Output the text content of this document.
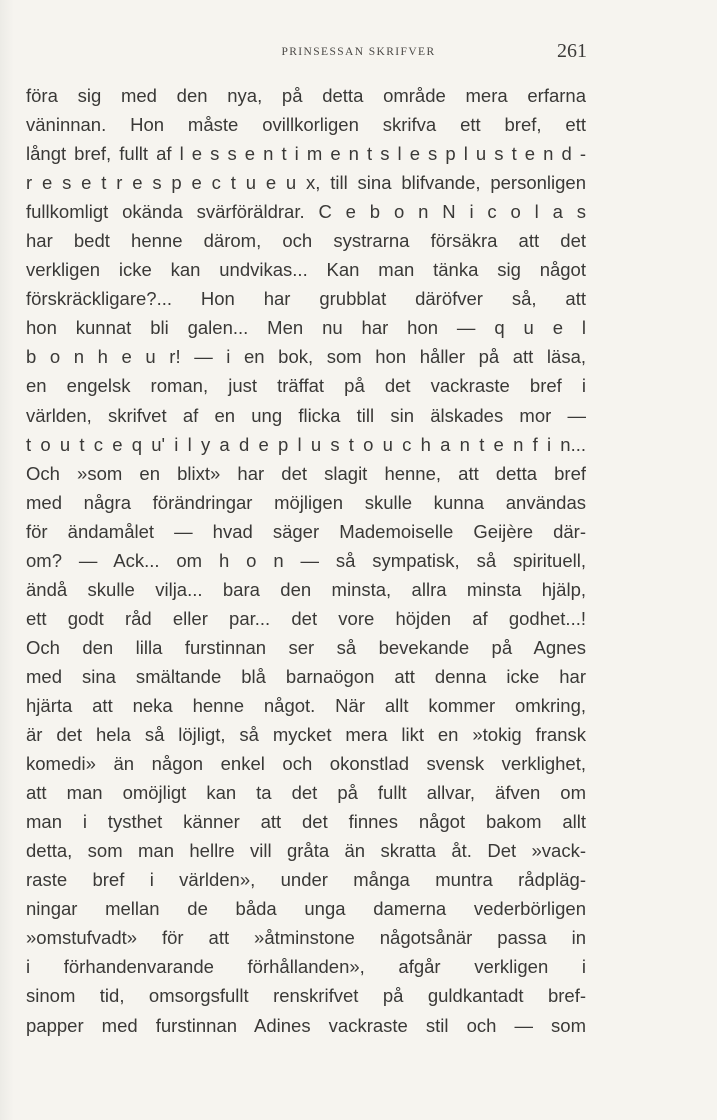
PRINSESSAN SKRIFVER	261
föra sig med den nya, på detta område mera erfarna
väninnan. Hon måste ovillkorligen skrifva ett bref, ett
långt bref, fullt af l e s s e n t i m e n t s l e s p l u s t e n d -
r e s e t r e s p e c t u e u x, till sina blifvande, personligen
fullkomligt okända svärföräldrar. C e b o n N i c o l a s
har bedt henne därom, och systrarna försäkra att det
verkligen icke kan undvikas... Kan man tänka sig något
förskräckligare?... Hon har grubblat däröfver så, att
hon kunnat bli galen... Men nu har hon — q u e l
b o n h e u r! — i en bok, som hon håller på att läsa,
en engelsk roman, just träffat på det vackraste bref i
världen, skrifvet af en ung flicka till sin älskades mor —
t o u t c e q u' i l y a d e p l u s t o u c h a n t e n f i n...
Och »som en blixt» har det slagit henne, att detta bref
med några förändringar möjligen skulle kunna användas
för ändamålet — hvad säger Mademoiselle Geijère där-
om? — Ack... om h o n — så sympatisk, så spirituell,
ändå skulle vilja... bara den minsta, allra minsta hjälp,
ett godt råd eller par... det vore höjden af godhet...!
Och den lilla furstinnan ser så bevekande på Agnes
med sina smältande blå barnaögon att denna icke har
hjärta att neka henne något. När allt kommer omkring,
är det hela så löjligt, så mycket mera likt en »tokig fransk
komedi» än någon enkel och okonstlad svensk verklighet,
att man omöjligt kan ta det på fullt allvar, äfven om
man i tysthet känner att det finnes något bakom allt
detta, som man hellre vill gråta än skratta åt. Det »vack-
raste bref i världen», under många muntra rådpläg-
ningar mellan de båda unga damerna vederbörligen
»omstufvadt» för att »åtminstone någotsånär passa in
i förhandenvarande förhållanden», afgår verkligen i
sinom tid, omsorgsfullt renskrifvet på guldkantadt bref-
papper med furstinnan Adines vackraste stil och — som
